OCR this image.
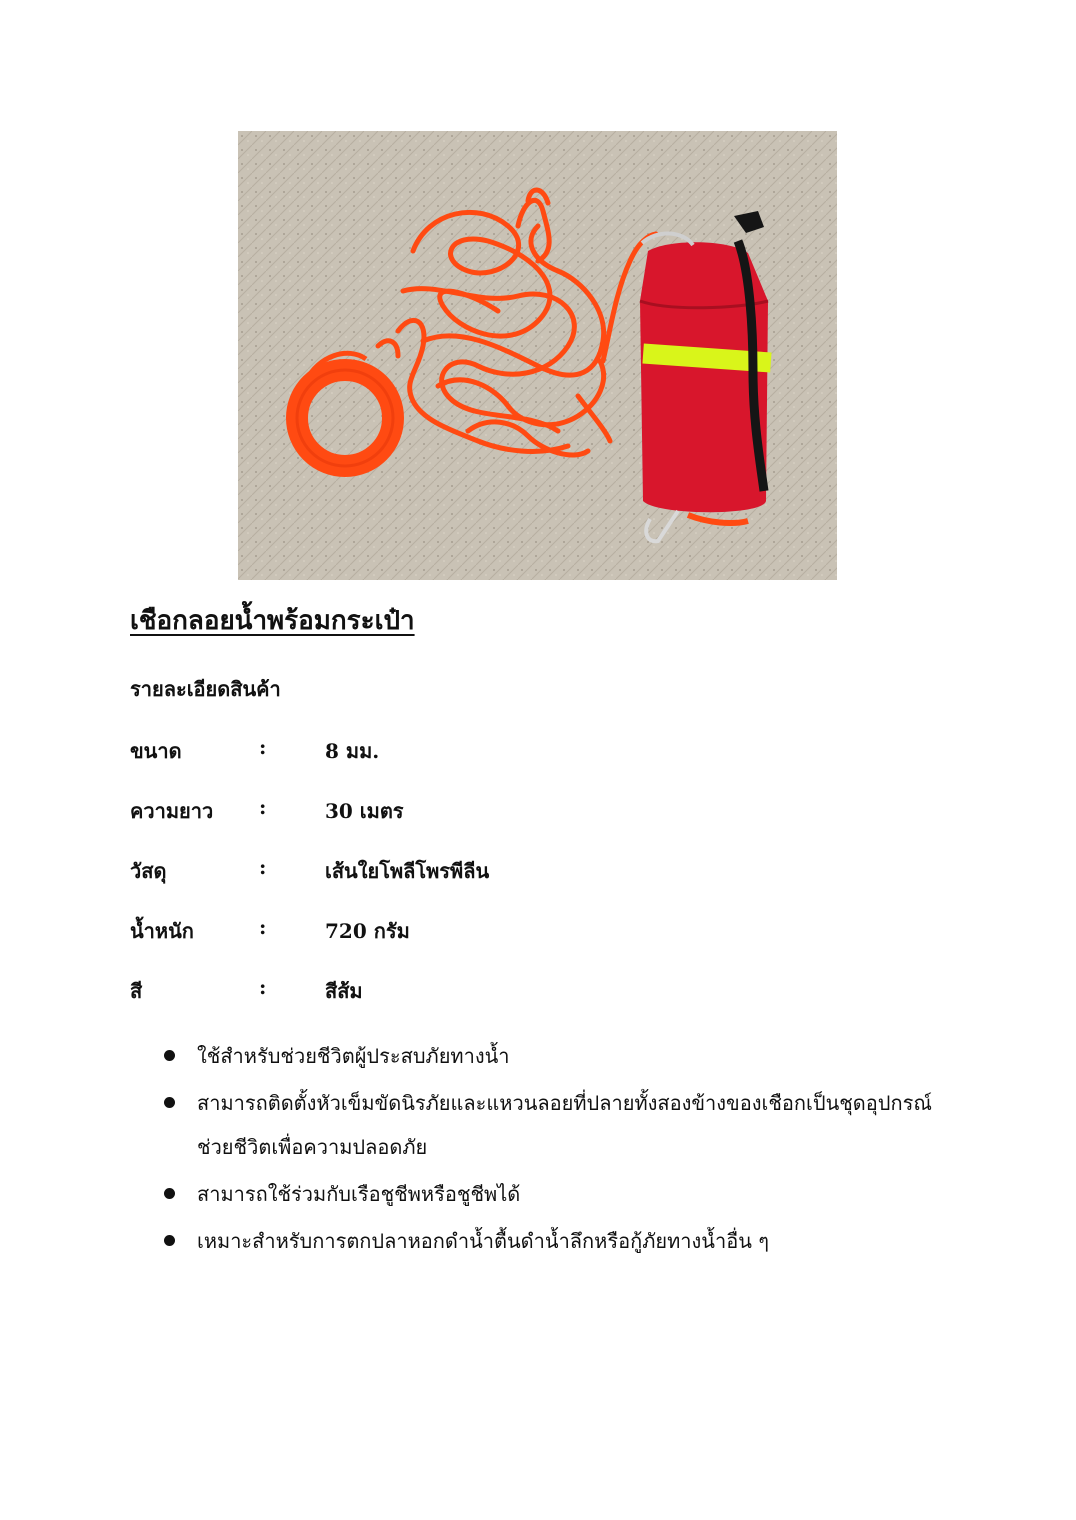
เชือกลอยน้ำพร้อมกระเป๋า
รายละเอียดสินค้า
ขนาด	:	8 มม.
ความยาว :	30 เมตร
วัสดุ	:	เส้นใยโพลีโพรพีลีน
น้ำหนัก	:	720 กรัม
สี	:	สีส้ม
ใช้สำหรับช่วยชีวิตผู้ประสบภัยทางน้ำ
สามารถติดตั้งหัวเข็มขัดนิรภัยและแหวนลอยที่ปลายทั้งสองข้างของเชือกเป็นชุดอุปกรณ์ช่วยชีวิตเพื่อความปลอดภัย
สามารถใช้ร่วมกับเรือชูชีพหรือชูชีพได้
เหมาะสำหรับการตกปลาหอกดำน้ำตื้นดำน้ำลึกหรือกู้ภัยทางน้ำอื่น ๆ
